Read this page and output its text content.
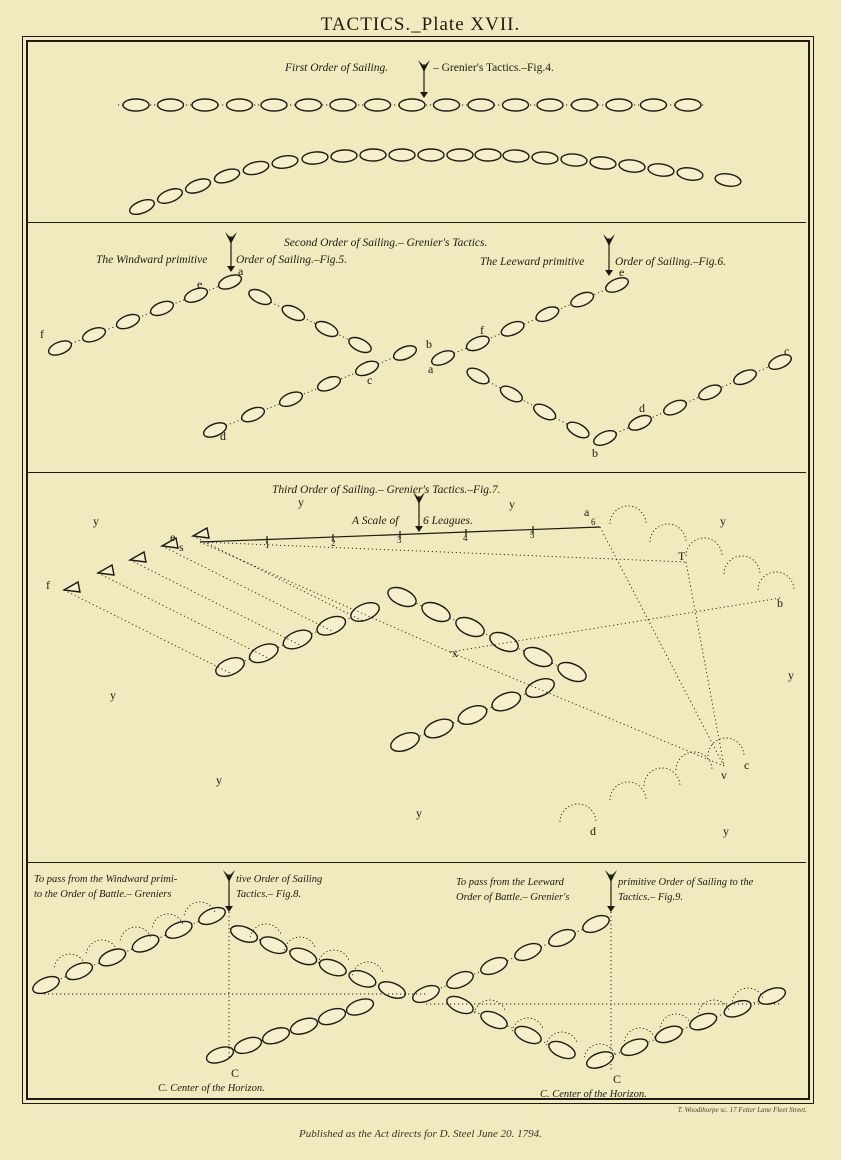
TACTICS._Plate XVII.
First Order of Sailing.	– Grenier's Tactics.–Fig.4.
Second Order of Sailing.– Grenier's Tactics.
The Windward primitive Order of Sailing.–Fig.5.	The Leeward primitive	Order of Sailing.–Fig.6.
a
e
f
b
c
d
e
f
a
c
d
b
Third Order of Sailing.– Grenier's Tactics.–Fig.7.
A Scale of 6 Leagues.
1	2	3	4	5
6
a
e
s
f
T
b
x
c
v
d
y
y	y
y
y
y
y
y
y
To pass from the Windward primi-	tive Order of Sailing
to the Order of Battle.– Greniers	Tactics.– Fig.8.
To pass from the Leeward	primitive Order of Sailing to the
Order of Battle.– Grenier's	Tactics.– Fig.9.
C
C. Center of the Horizon.
C
C. Center of the Horizon.
T. Woodthorpe sc. 17 Fetter Lane Fleet Street.
Published as the Act directs for D. Steel June 20. 1794.
